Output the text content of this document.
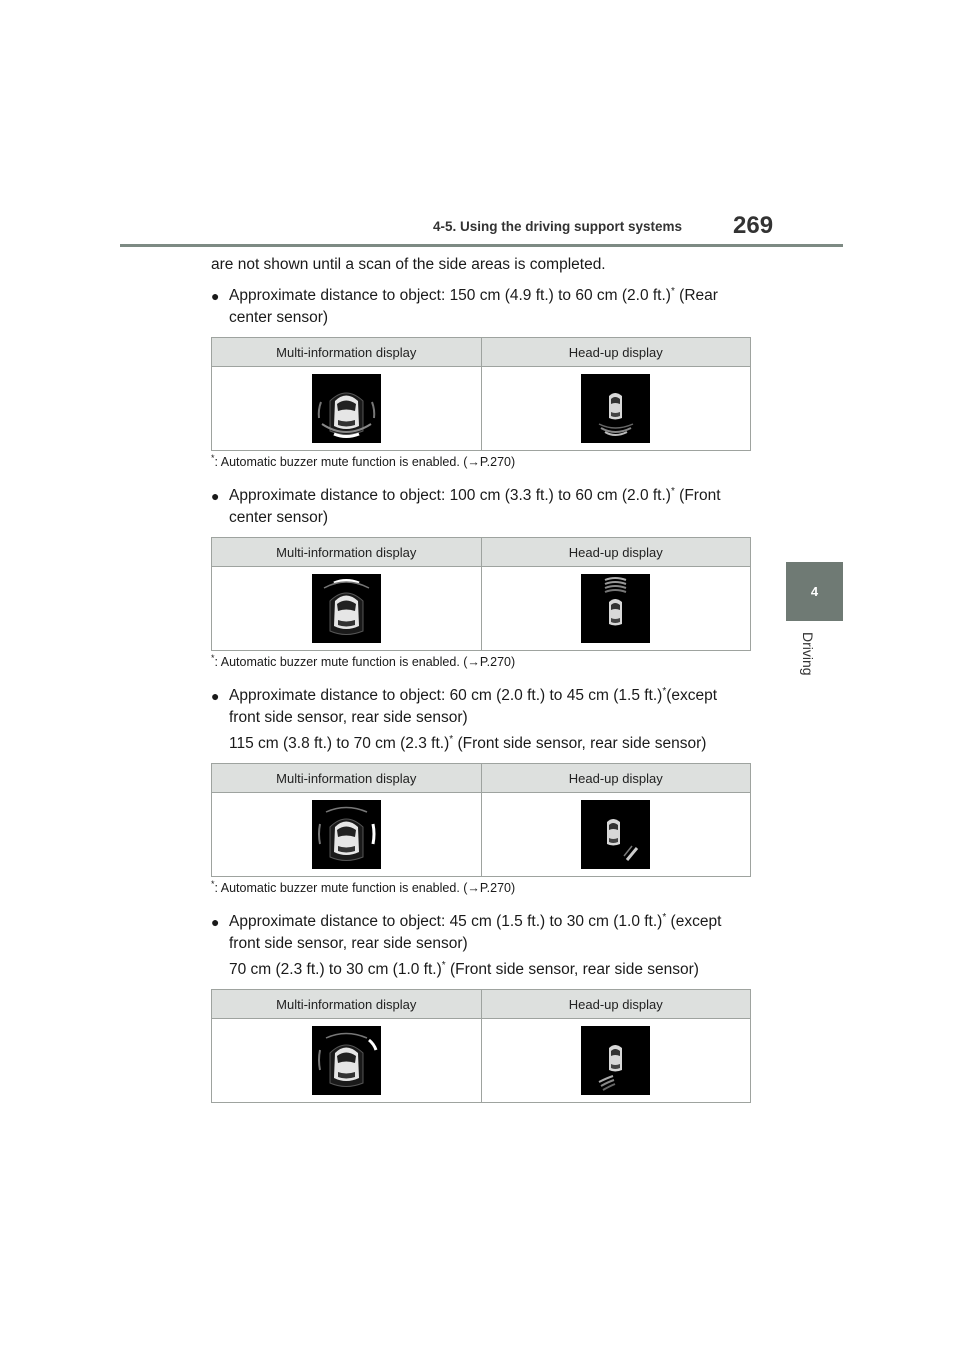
4-5. Using the driving support systems 269
4
Driving
are not shown until a scan of the side areas is completed.
● Approximate distance to object: 150 cm (4.9 ft.) to 60 cm (2.0 ft.)* (Rear
center sensor)
Multi-information display	Head-up display

*: Automatic buzzer mute function is enabled. (→P.270)
● Approximate distance to object: 100 cm (3.3 ft.) to 60 cm (2.0 ft.)* (Front
center sensor)
Multi-information display	Head-up display

*: Automatic buzzer mute function is enabled. (→P.270)
● Approximate distance to object: 60 cm (2.0 ft.) to 45 cm (1.5 ft.)*(except
front side sensor, rear side sensor)
115 cm (3.8 ft.) to 70 cm (2.3 ft.)* (Front side sensor, rear side sensor)
Multi-information display	Head-up display

*: Automatic buzzer mute function is enabled. (→P.270)
● Approximate distance to object: 45 cm (1.5 ft.) to 30 cm (1.0 ft.)* (except
front side sensor, rear side sensor)
70 cm (2.3 ft.) to 30 cm (1.0 ft.)* (Front side sensor, rear side sensor)
Multi-information display	Head-up display
